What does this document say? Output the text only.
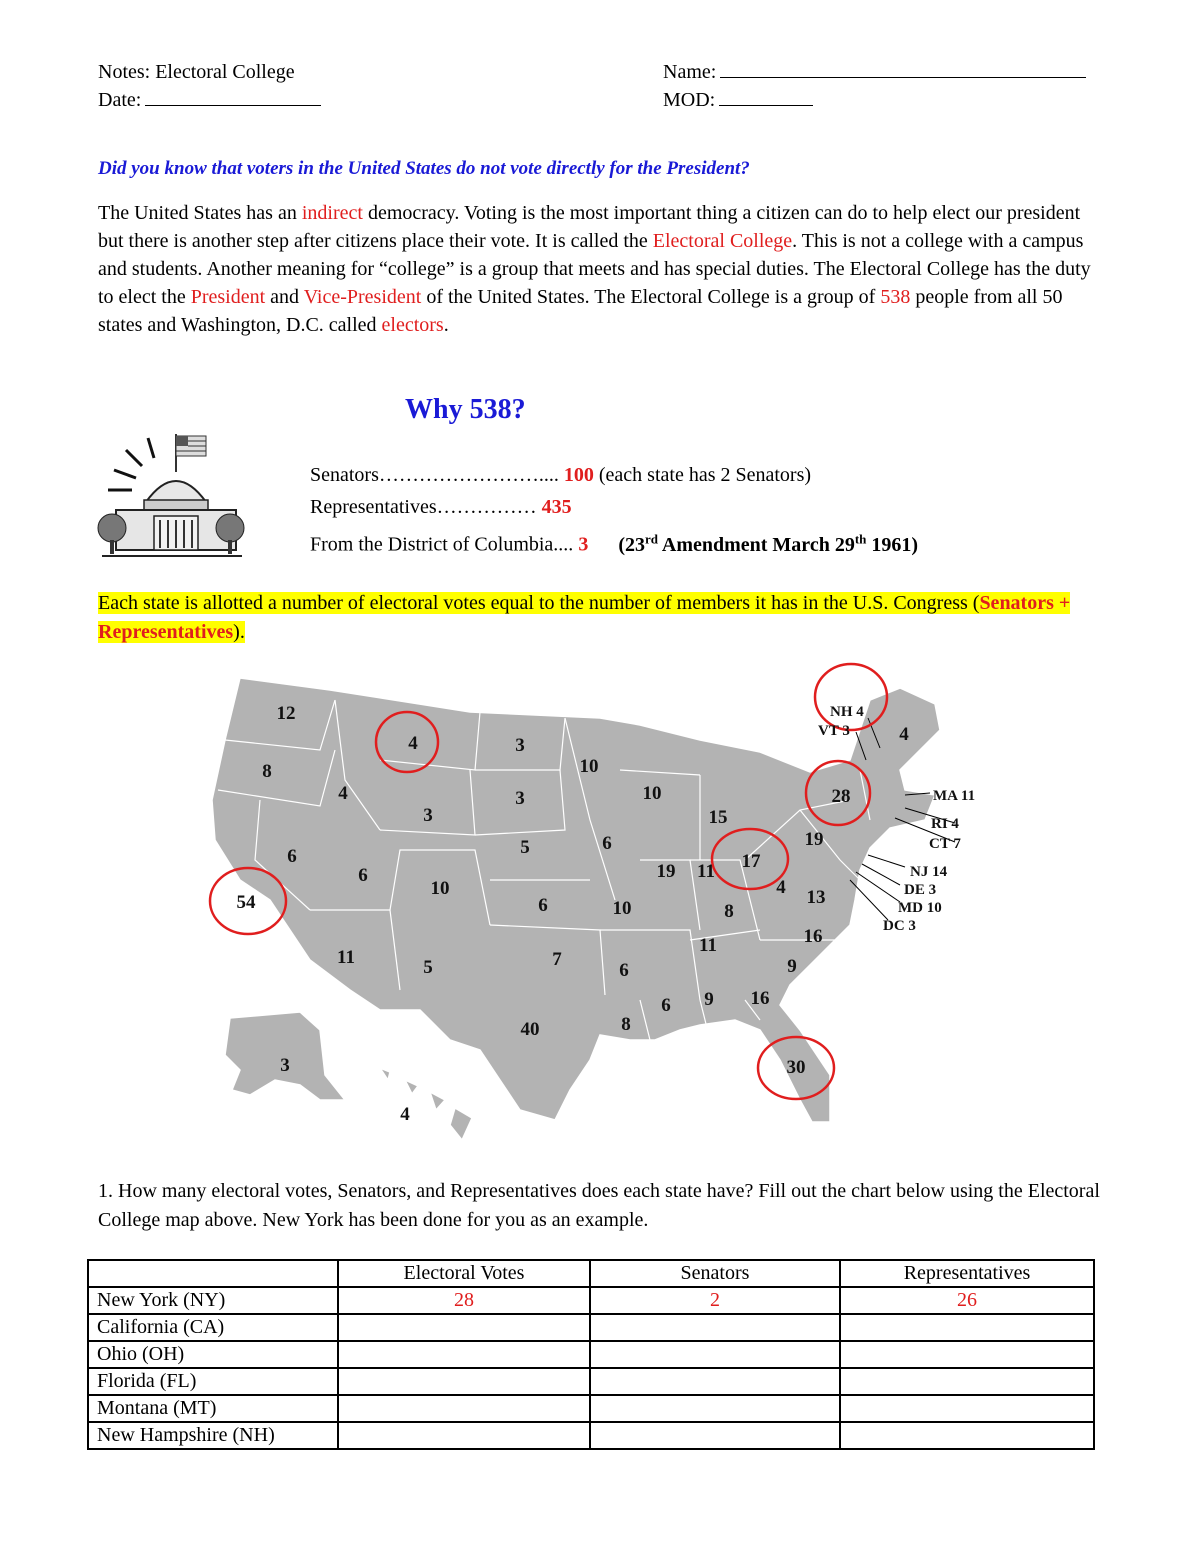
Notes: Electoral College
Date:
Name:
MOD:
Did you know that voters in the United States do not vote directly for the President?
The United States has an indirect democracy. Voting is the most important thing a citizen can do to help elect our president but there is another step after citizens place their vote. It is called the Electoral College. This is not a college with a campus and students. Another meaning for “college” is a group that meets and has special duties. The Electoral College has the duty to elect the President and Vice-President of the United States. The Electoral College is a group of 538 people from all 50 states and Washington, D.C. called electors.
Why 538?
Senators…………………….... 100 (each state has 2 Senators)
Representatives…………… 435
From the District of Columbia.... 3 (23rd Amendment March 29th 1961)
Each state is allotted a number of electoral votes equal to the number of members it has in the U.S. Congress (Senators + Representatives).
12
8
54
4
6
4
3
6
10
11	5
3
3
5
6
7
40
10
6
10
6
8
10
19
15
11 17
8
11
6 9 16
30
9
16
13
4
19
28
4
3
4
NH 4
VT 3
MA 11
RI 4
CT 7
NJ 14
DE 3
MD 10
DC 3
1. How many electoral votes, Senators, and Representatives does each state have? Fill out the chart below using the Electoral College map above. New York has been done for you as an example.
	Electoral Votes	Senators	Representatives
New York (NY)	28	2	26
California (CA)			
Ohio (OH)			
Florida (FL)			
Montana (MT)			
New Hampshire (NH)			
